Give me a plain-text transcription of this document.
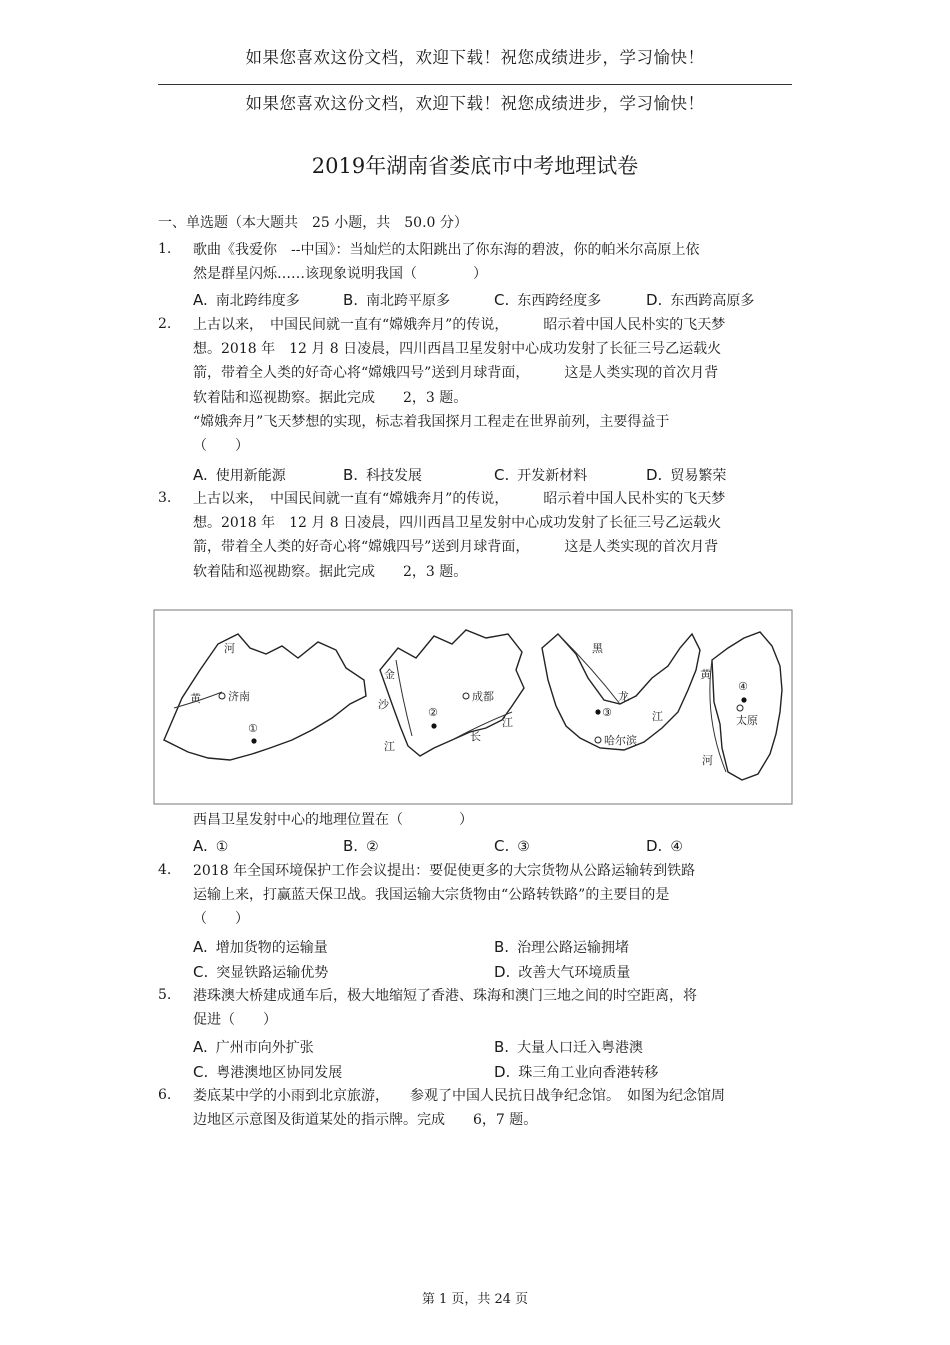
如果您喜欢这份文档，欢迎下载！祝您成绩进步，学习愉快！
如果您喜欢这份文档，欢迎下载！祝您成绩进步，学习愉快！
2019年湖南省娄底市中考地理试卷
一、单选题（本大题共　25 小题，共　50.0 分）
1. 歌曲《我爱你　--中国》：当灿烂的太阳跳出了你东海的碧波，你的帕米尔高原上依
然是群星闪烁……该现象说明我国（　　　　）
A. 南北跨纬度多	B. 南北跨平原多	C. 东西跨经度多	D. 东西跨高原多
2. 上古以来，　中国民间就一直有“嫦娥奔月”的传说，　　　昭示着中国人民朴实的飞天梦
想。2018 年　12 月 8 日凌晨，四川西昌卫星发射中心成功发射了长征三号乙运载火
箭，带着全人类的好奇心将“嫦娥四号”送到月球背面，　　　这是人类实现的首次月背
软着陆和巡视勘察。据此完成　　2，3 题。
“嫦娥奔月”飞天梦想的实现，标志着我国探月工程走在世界前列，主要得益于
（　　）
A. 使用新能源	B. 科技发展	C. 开发新材料	D. 贸易繁荣
3. 上古以来，　中国民间就一直有“嫦娥奔月”的传说，　　　昭示着中国人民朴实的飞天梦
想。2018 年　12 月 8 日凌晨，四川西昌卫星发射中心成功发射了长征三号乙运载火
箭，带着全人类的好奇心将“嫦娥四号”送到月球背面，　　　这是人类实现的首次月背
软着陆和巡视勘察。据此完成　　2，3 题。
河
黄 济南
①
金
沙
江
成都
②
长
江
黑
龙
江
③
哈尔滨
黄
河
④
太原
西昌卫星发射中心的地理位置在（　　　　）
A. ①	B. ②	C. ③	D. ④
4. 2018 年全国环境保护工作会议提出：要促使更多的大宗货物从公路运输转到铁路
运输上来，打赢蓝天保卫战。我国运输大宗货物由“公路转铁路”的主要目的是
（　　）
A. 增加货物的运输量	B. 治理公路运输拥堵
C. 突显铁路运输优势	D. 改善大气环境质量
5. 港珠澳大桥建成通车后，极大地缩短了香港、珠海和澳门三地之间的时空距离，将
促进（　　）
A. 广州市向外扩张	B. 大量人口迁入粤港澳
C. 粤港澳地区协同发展	D. 珠三角工业向香港转移
6. 娄底某中学的小雨到北京旅游，　　参观了中国人民抗日战争纪念馆。　如图为纪念馆周
边地区示意图及街道某处的指示牌。完成　　6，7 题。
第 1 页，共 24 页
